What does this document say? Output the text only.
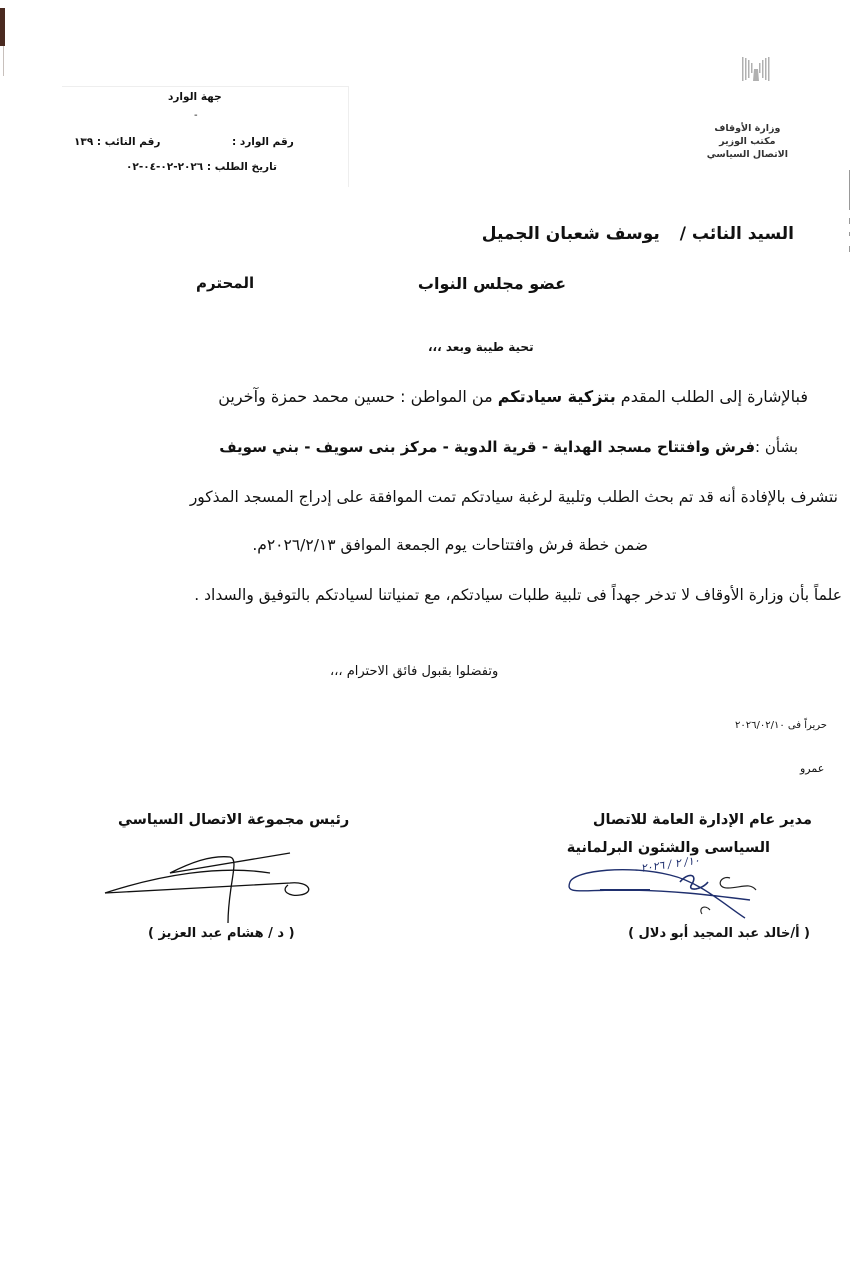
وزارة الأوقاف
مكتب الوزير
الاتصال السياسي
جهة الوارد
-
رقم الوارد :
رقم النائب : ١٣٩
تاريخ الطلب : ٢٠٢٦-٠٢-٠٤-٠٢
السيد النائب /يوسف شعبان الجميل
عضو مجلس النواب
المحترم
تحية طيبة وبعد ،،،
فبالإشارة إلى الطلب المقدم بتزكية سيادتكم من المواطن : حسين محمد حمزة وآخرين
بشأن :فرش وافتتاح مسجد الهداية - قرية الدوية - مركز بنى سويف - بني سويف
نتشرف بالإفادة أنه قد تم بحث الطلب وتلبية لرغبة سيادتكم تمت الموافقة على إدراج المسجد المذكور
ضمن خطة فرش وافتتاحات يوم الجمعة الموافق ٢٠٢٦/٢/١٣م.
علماً بأن وزارة الأوقاف لا تدخر جهداً فى تلبية طلبات سيادتكم، مع تمنياتنا لسيادتكم بالتوفيق والسداد .
وتفضلوا بقبول فائق الاحترام ،،،
حريراً فى ٢٠٢٦/٠٢/١٠
عمرو
مدير عام الإدارة العامة للاتصال
السياسى والشئون البرلمانية
١٠/ ٢ / ٢٠٢٦
( أ/خالد عبد المجيد أبو دلال )
رئيس مجموعة الاتصال السياسي
( د / هشام عبد العزيز )
